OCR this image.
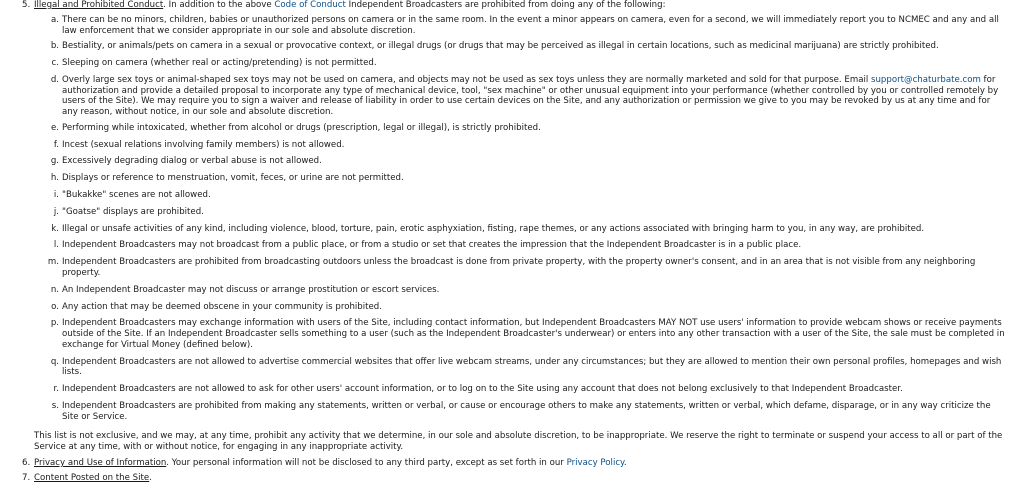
5. Illegal and Prohibited Conduct. In addition to the above Code of Conduct Independent Broadcasters are prohibited from doing any of the following:
a. There can be no minors, children, babies or unauthorized persons on camera or in the same room. In the event a minor appears on camera, even for a second, we will immediately report you to NCMEC and any and all law enforcement that we consider appropriate in our sole and absolute discretion.
b. Bestiality, or animals/pets on camera in a sexual or provocative context, or illegal drugs (or drugs that may be perceived as illegal in certain locations, such as medicinal marijuana) are strictly prohibited.
c. Sleeping on camera (whether real or acting/pretending) is not permitted.
d. Overly large sex toys or animal-shaped sex toys may not be used on camera, and objects may not be used as sex toys unless they are normally marketed and sold for that purpose. Email support@chaturbate.com for authorization and provide a detailed proposal to incorporate any type of mechanical device, tool, "sex machine" or other unusual equipment into your performance (whether controlled by you or controlled remotely by users of the Site). We may require you to sign a waiver and release of liability in order to use certain devices on the Site, and any authorization or permission we give to you may be revoked by us at any time and for any reason, without notice, in our sole and absolute discretion.
e. Performing while intoxicated, whether from alcohol or drugs (prescription, legal or illegal), is strictly prohibited.
f. Incest (sexual relations involving family members) is not allowed.
g. Excessively degrading dialog or verbal abuse is not allowed.
h. Displays or reference to menstruation, vomit, feces, or urine are not permitted.
i. "Bukakke" scenes are not allowed.
j. "Goatse" displays are prohibited.
k. Illegal or unsafe activities of any kind, including violence, blood, torture, pain, erotic asphyxiation, fisting, rape themes, or any actions associated with bringing harm to you, in any way, are prohibited.
l. Independent Broadcasters may not broadcast from a public place, or from a studio or set that creates the impression that the Independent Broadcaster is in a public place.
m. Independent Broadcasters are prohibited from broadcasting outdoors unless the broadcast is done from private property, with the property owner's consent, and in an area that is not visible from any neighboring property.
n. An Independent Broadcaster may not discuss or arrange prostitution or escort services.
o. Any action that may be deemed obscene in your community is prohibited.
p. Independent Broadcasters may exchange information with users of the Site, including contact information, but Independent Broadcasters MAY NOT use users' information to provide webcam shows or receive payments outside of the Site. If an Independent Broadcaster sells something to a user (such as the Independent Broadcaster's underwear) or enters into any other transaction with a user of the Site, the sale must be completed in exchange for Virtual Money (defined below).
q. Independent Broadcasters are not allowed to advertise commercial websites that offer live webcam streams, under any circumstances; but they are allowed to mention their own personal profiles, homepages and wish lists.
r. Independent Broadcasters are not allowed to ask for other users' account information, or to log on to the Site using any account that does not belong exclusively to that Independent Broadcaster.
s. Independent Broadcasters are prohibited from making any statements, written or verbal, or cause or encourage others to make any statements, written or verbal, which defame, disparage, or in any way criticize the Site or Service.
This list is not exclusive, and we may, at any time, prohibit any activity that we determine, in our sole and absolute discretion, to be inappropriate. We reserve the right to terminate or suspend your access to all or part of the Service at any time, with or without notice, for engaging in any inappropriate activity.
6. Privacy and Use of Information. Your personal information will not be disclosed to any third party, except as set forth in our Privacy Policy.
7. Content Posted on the Site.
